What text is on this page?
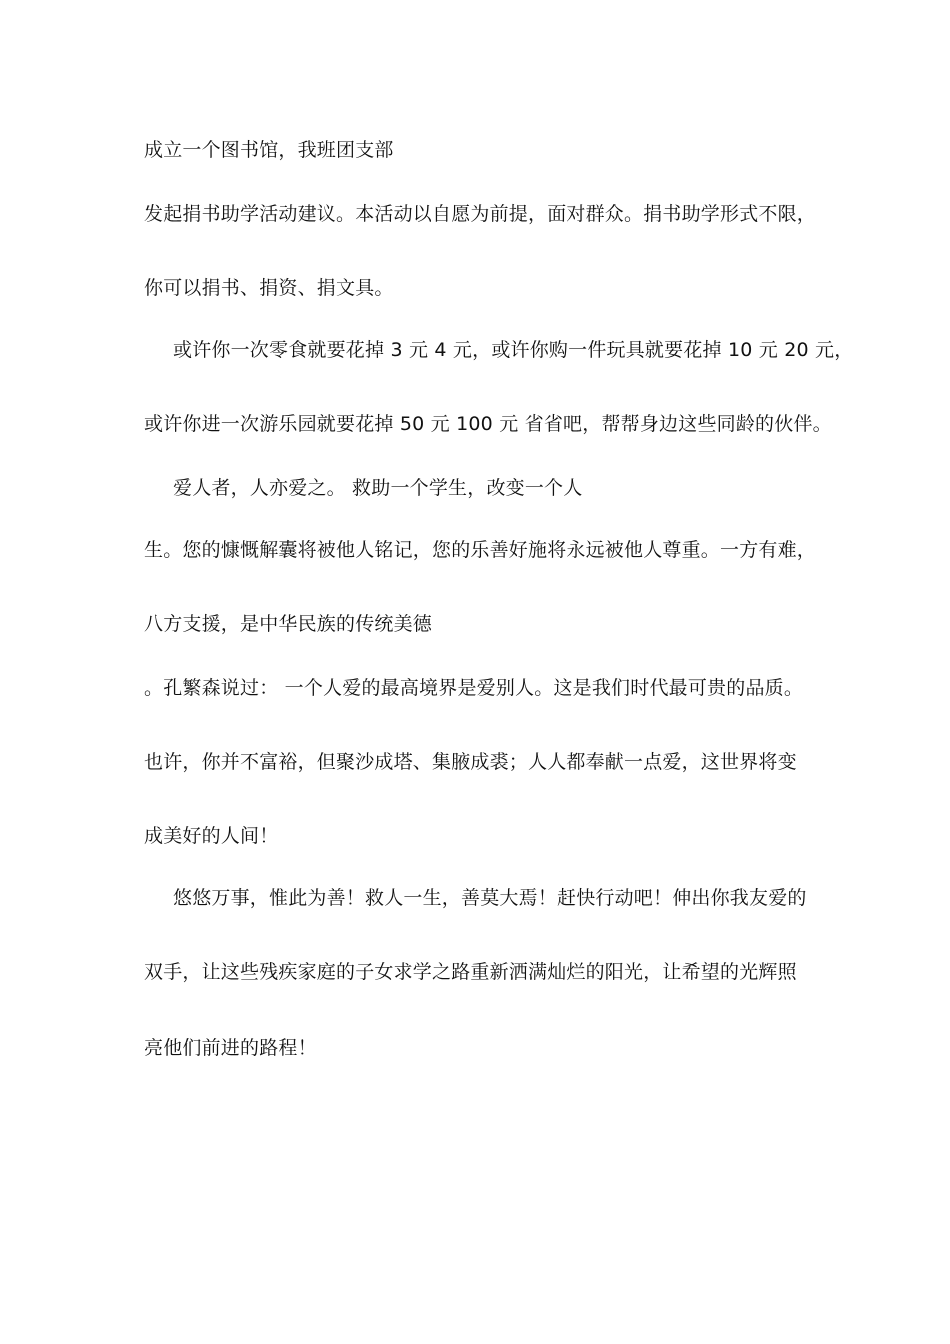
成立一个图书馆，我班团支部
发起捐书助学活动建议。本活动以自愿为前提，面对群众。捐书助学形式不限，
你可以捐书、捐资、捐文具。
或许你一次零食就要花掉 3 元 4 元，或许你购一件玩具就要花掉 10 元 20 元，
或许你进一次游乐园就要花掉 50 元 100 元 省省吧，帮帮身边这些同龄的伙伴。
爱人者，人亦爱之。 救助一个学生，改变一个人
生。您的慷慨解囊将被他人铭记，您的乐善好施将永远被他人尊重。一方有难，
八方支援，是中华民族的传统美德
。孔繁森说过： 一个人爱的最高境界是爱别人。这是我们时代最可贵的品质。
也许，你并不富裕，但聚沙成塔、集腋成裘；人人都奉献一点爱，这世界将变
成美好的人间！
悠悠万事，惟此为善！救人一生，善莫大焉！赶快行动吧！伸出你我友爱的
双手，让这些残疾家庭的子女求学之路重新洒满灿烂的阳光，让希望的光辉照
亮他们前进的路程！
